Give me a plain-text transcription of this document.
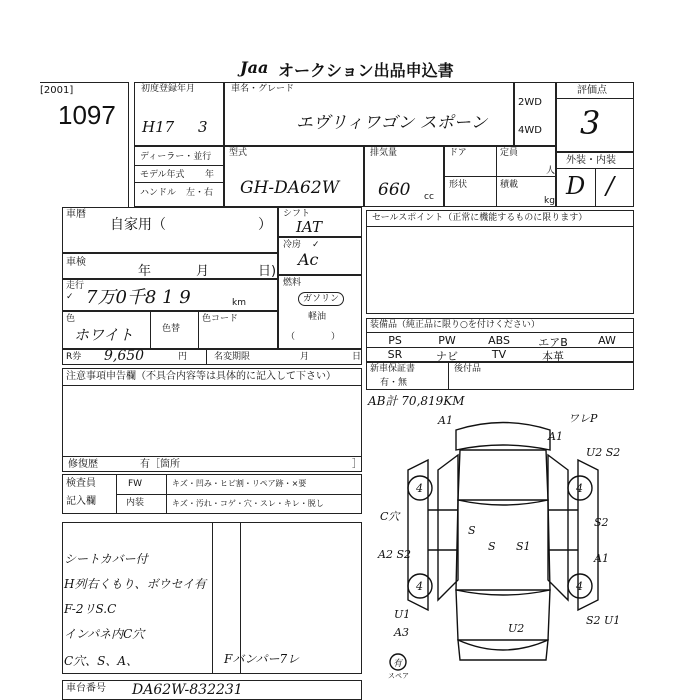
Jaa オークション出品申込書
[2001]
1097
初度登録年月
H17 3
車名・グレード
エヴリィワゴン スポーン
2WD
4WD
評価点
3
ディーラー・並行
モデル年式 年
ハンドル 左・右
型式
GH-DA62W
排気量
660 cc
ドア	定員
人
形状	積載
kg
外装・内装
D /
車暦
自家用（	）
車検
年	月	日)
走行
✓ 7万0千8 1 9	km
色
ホワイト	色替
色コード
R券 9,650	円	名変期限	月	日
シフト
IAT
冷房 ✓
Ac
燃料
ガソリン
軽油
（　　　　）
セールスポイント（正常に機能するものに限ります）
装備品（純正品に限り○を付けください）
PS	PW	ABS	エアB	AW
SR	ナビ	TV	本革
新車保証書
有・無
後付品
注意事項申告欄（不具合内容等は具体的に記入して下さい）
修復歴	有［箇所	］
検査員
記入欄
FW
内装
キズ・凹み・ヒビ割・リペア跡・×要
キズ・汚れ・コゲ・穴・スレ・キレ・脱し
シートカバー付
H列右くもり、ボウセイ有
F-2リS.C
インパネ内C穴
C穴、S、A、	Fバンパー7レ
車台番号 DA62W-832231
AB計 70,819KM
4	4
4	4
A1	ワレP
A1
U2 S2
S2
C穴
A2 S2
S
S S1
A1
U1
A3	U2
S2 U1
有
スペア
